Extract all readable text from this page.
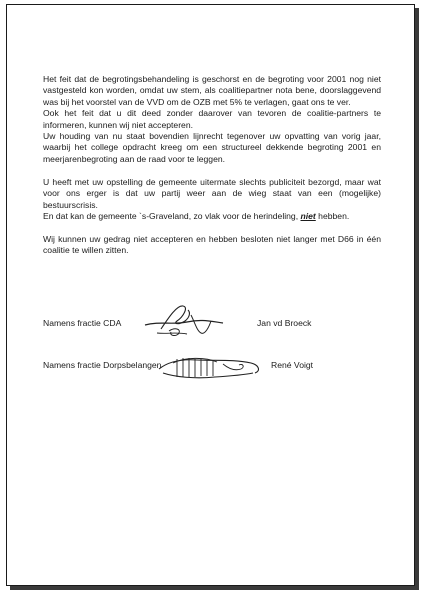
Het feit dat de begrotingsbehandeling is geschorst en de begroting voor 2001 nog niet vastgesteld kon worden, omdat uw stem, als coalitiepartner nota bene, doorslaggevend was bij het voorstel van de VVD om de OZB met 5% te verlagen, gaat ons te ver.

Ook het feit dat u dit deed zonder daarover van tevoren de coalitie-partners te informeren, kunnen wij niet accepteren.

Uw houding van nu staat bovendien lijnrecht tegenover uw opvatting van vorig jaar, waarbij het college opdracht kreeg om een structureel dekkende begroting 2001 en meerjarenbegroting aan de raad voor te leggen.

U heeft met uw opstelling de gemeente uitermate slechts publiciteit bezorgd, maar wat voor ons erger is dat uw partij weer aan de wieg staat van een (mogelijke) bestuurscrisis.

En dat kan de gemeente `s-Graveland, zo vlak voor de herindeling, niet hebben.

Wij kunnen uw gedrag niet accepteren en hebben besloten niet langer met D66 in één coalitie te willen zitten.

Namens fractie CDA	Jan vd Broeck
Namens fractie Dorpsbelangen	René Voigt
